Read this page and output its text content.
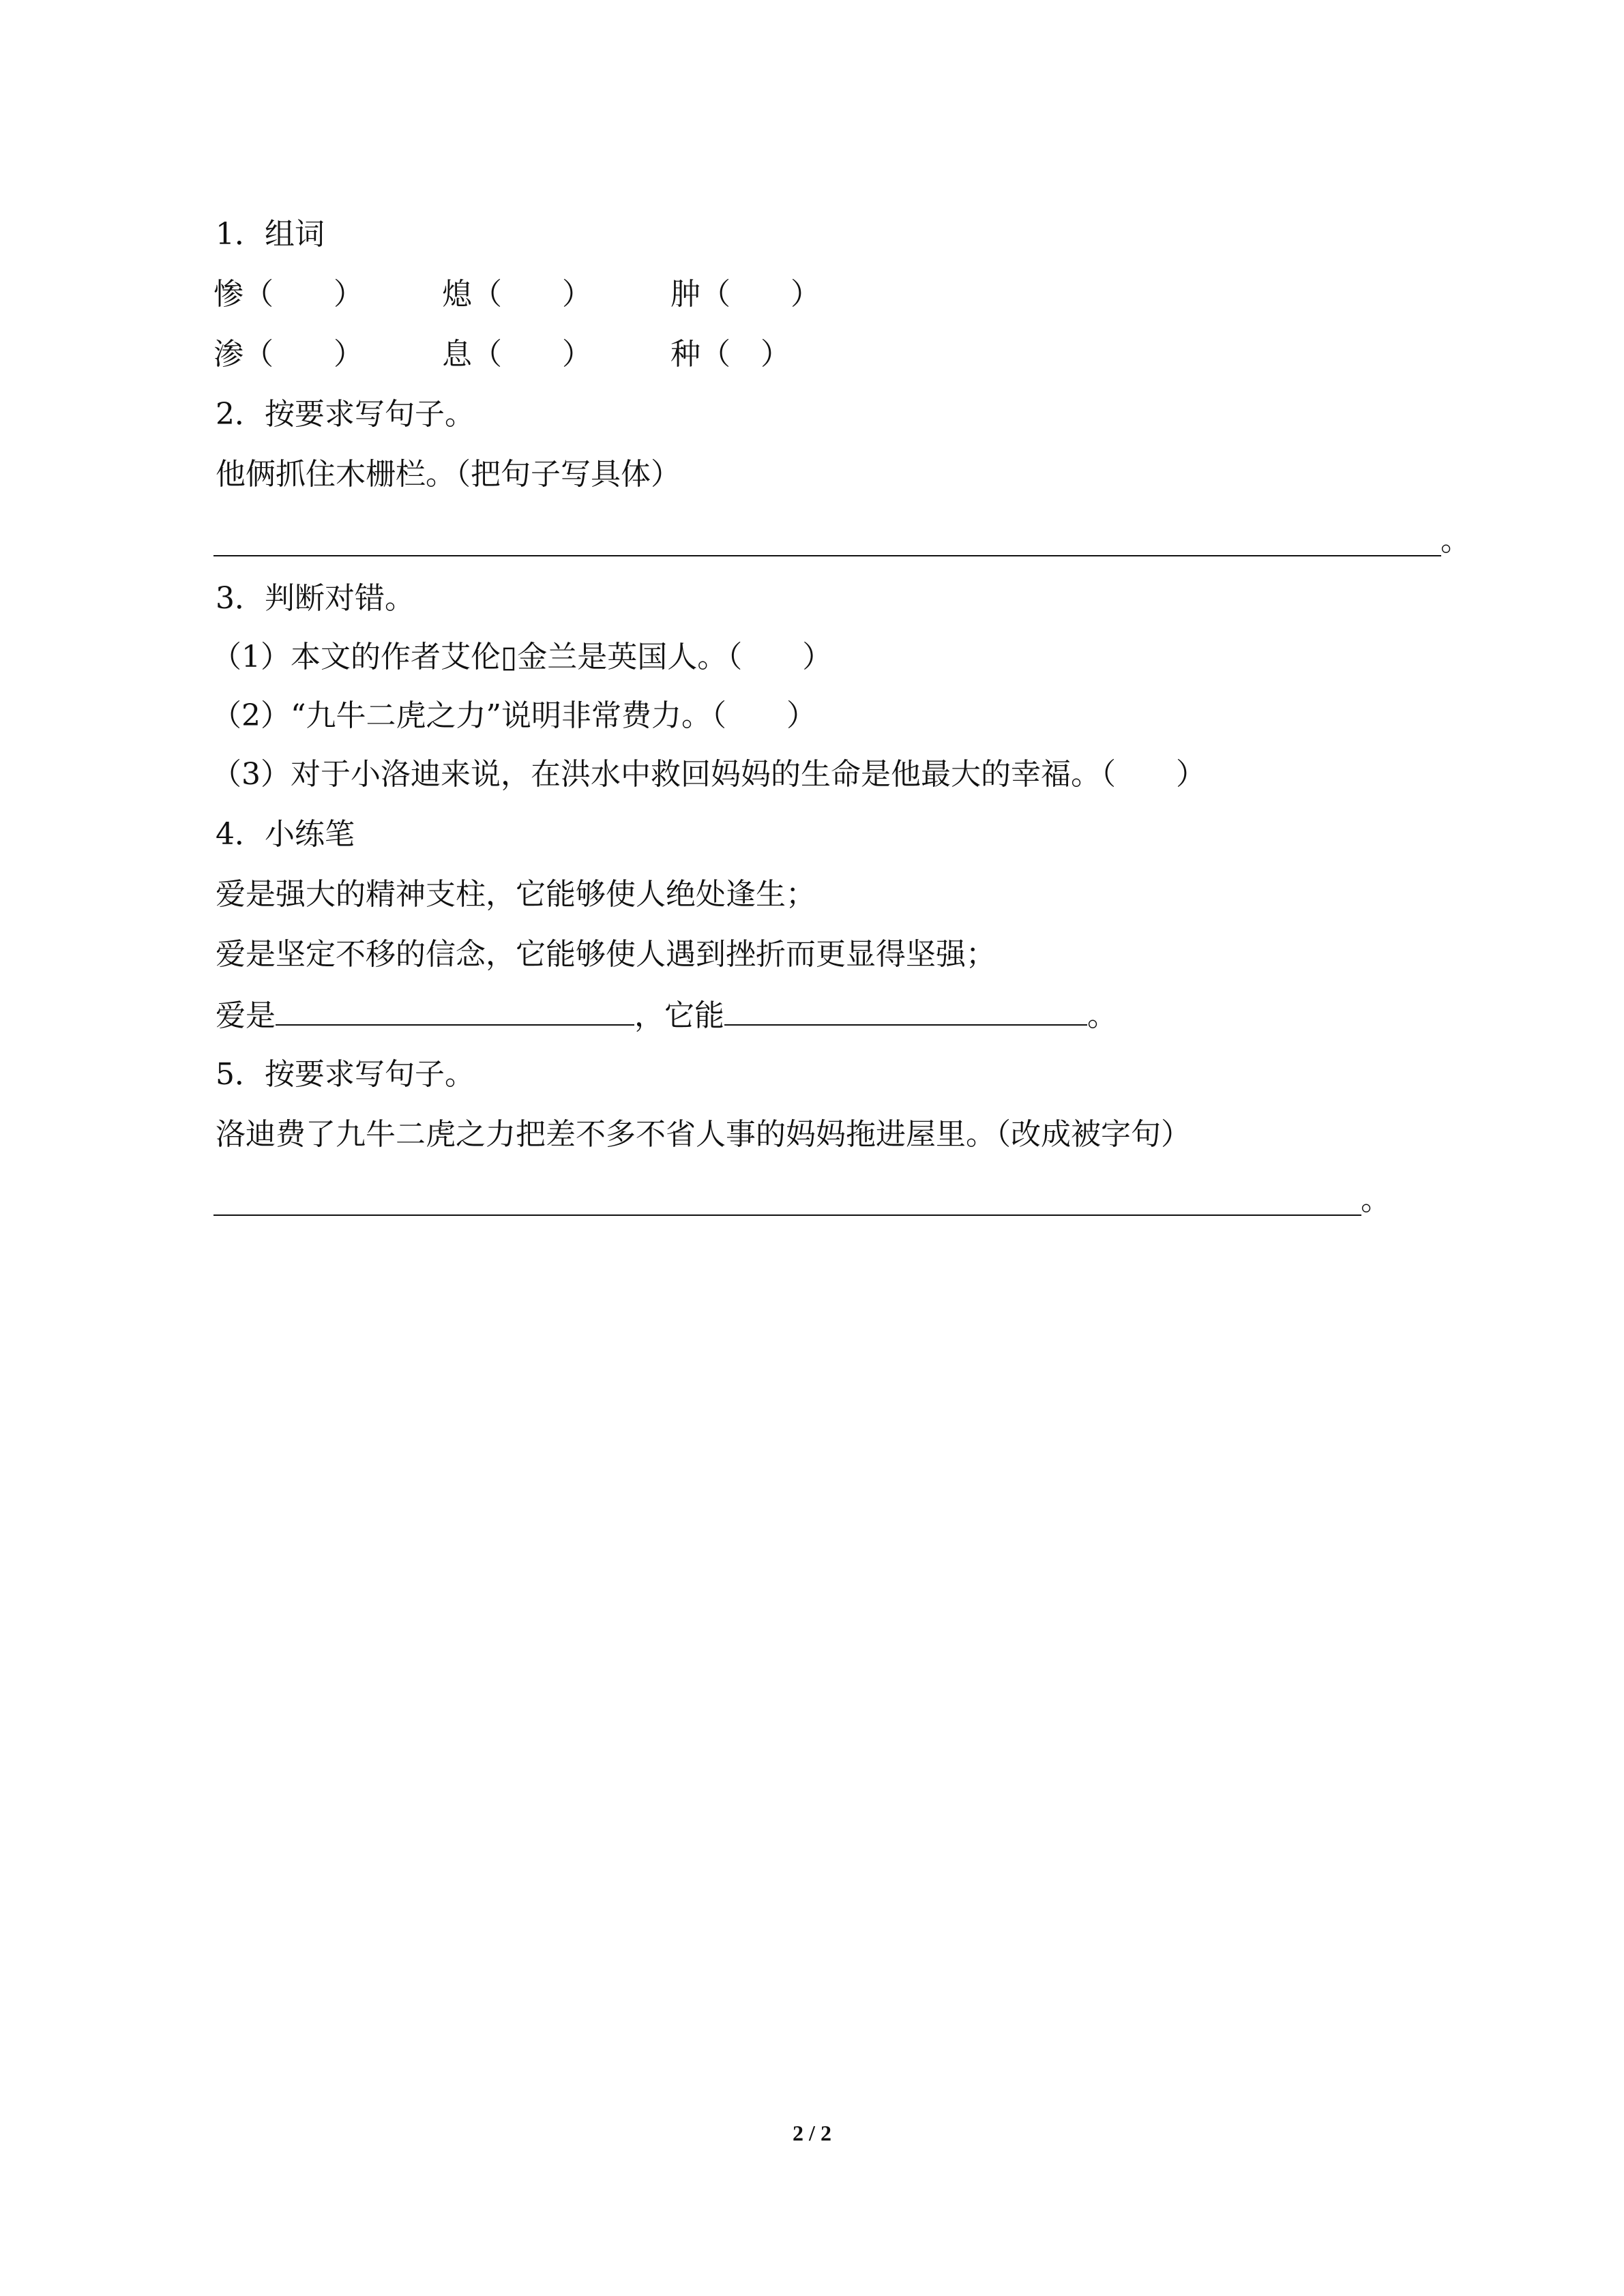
1．组词
惨（　　）	熄（　　）	肿（　　）
渗（　　）	息（　　）	种（　）
2．按要求写句子。
他俩抓住木栅栏。（把句子写具体）
。
3．判断对错。
（1）本文的作者艾伦▯金兰是英国人。（　　）
（2）“九牛二虎之力”说明非常费力。（　　）
（3）对于小洛迪来说，在洪水中救回妈妈的生命是他最大的幸福。（　　）
4．小练笔
爱是强大的精神支柱，它能够使人绝处逢生；
爱是坚定不移的信念，它能够使人遇到挫折而更显得坚强；
爱是	，它能	。
5．按要求写句子。
洛迪费了九牛二虎之力把差不多不省人事的妈妈拖进屋里。（改成被字句）
。
2 / 2
